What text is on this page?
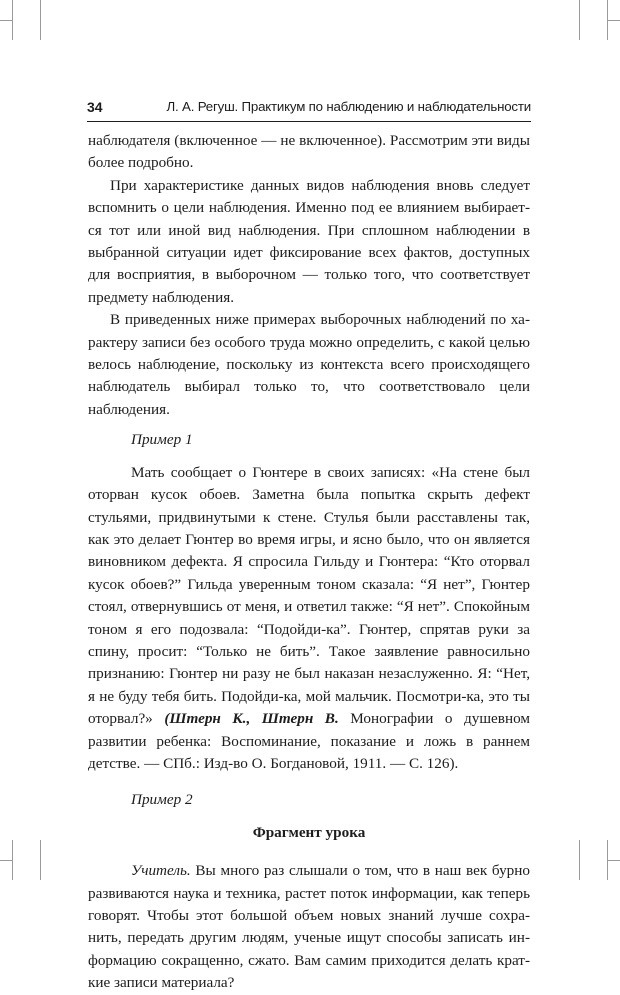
34	Л. А. Регуш. Практикум по наблюдению и наблюдательности

наблюдателя (включенное — не включенное). Рассмотрим эти виды более подробно.

При характеристике данных видов наблюдения вновь следует вспомнить о цели наблюдения. Именно под ее влиянием выбирается тот или иной вид наблюдения. При сплошном наблюдении в выбранной ситуации идет фиксирование всех фактов, доступных для восприятия, в выборочном — только того, что соответствует предмету наблюдения.

В приведенных ниже примерах выборочных наблюдений по характеру записи без особого труда можно определить, с какой целью велось наблюдение, поскольку из контекста всего происходящего наблюдатель выбирал только то, что соответствовало цели наблюдения.

Пример 1

Мать сообщает о Гюнтере в своих записях: «На стене был оторван кусок обоев. Заметна была попытка скрыть дефект стульями, придвинутыми к стене. Стулья были расставлены так, как это делает Гюнтер во время игры, и ясно было, что он является виновником дефекта. Я спросила Гильду и Гюнтера: “Кто оторвал кусок обоев?” Гильда уверенным тоном сказала: “Я нет”, Гюнтер стоял, отвернувшись от меня, и ответил также: “Я нет”. Спокойным тоном я его подозвала: “Подойди-ка”. Гюнтер, спрятав руки за спину, просит: “Только не бить”. Такое заявление равносильно признанию: Гюнтер ни разу не был наказан незаслуженно. Я: “Нет, я не буду тебя бить. Подойди-ка, мой мальчик. Посмотри-ка, это ты оторвал?» (Штерн К., Штерн В. Монографии о душевном развитии ребенка: Воспоминание, показание и ложь в раннем детстве. — СПб.: Изд-во О. Богдановой, 1911. — С. 126).

Пример 2

Фрагмент урока

Учитель. Вы много раз слышали о том, что в наш век бурно развиваются наука и техника, растет поток информации, как теперь говорят. Чтобы этот большой объем новых знаний лучше сохранить, передать другим людям, ученые ищут способы записать информацию сокращенно, сжато. Вам самим приходится делать краткие записи материала?
